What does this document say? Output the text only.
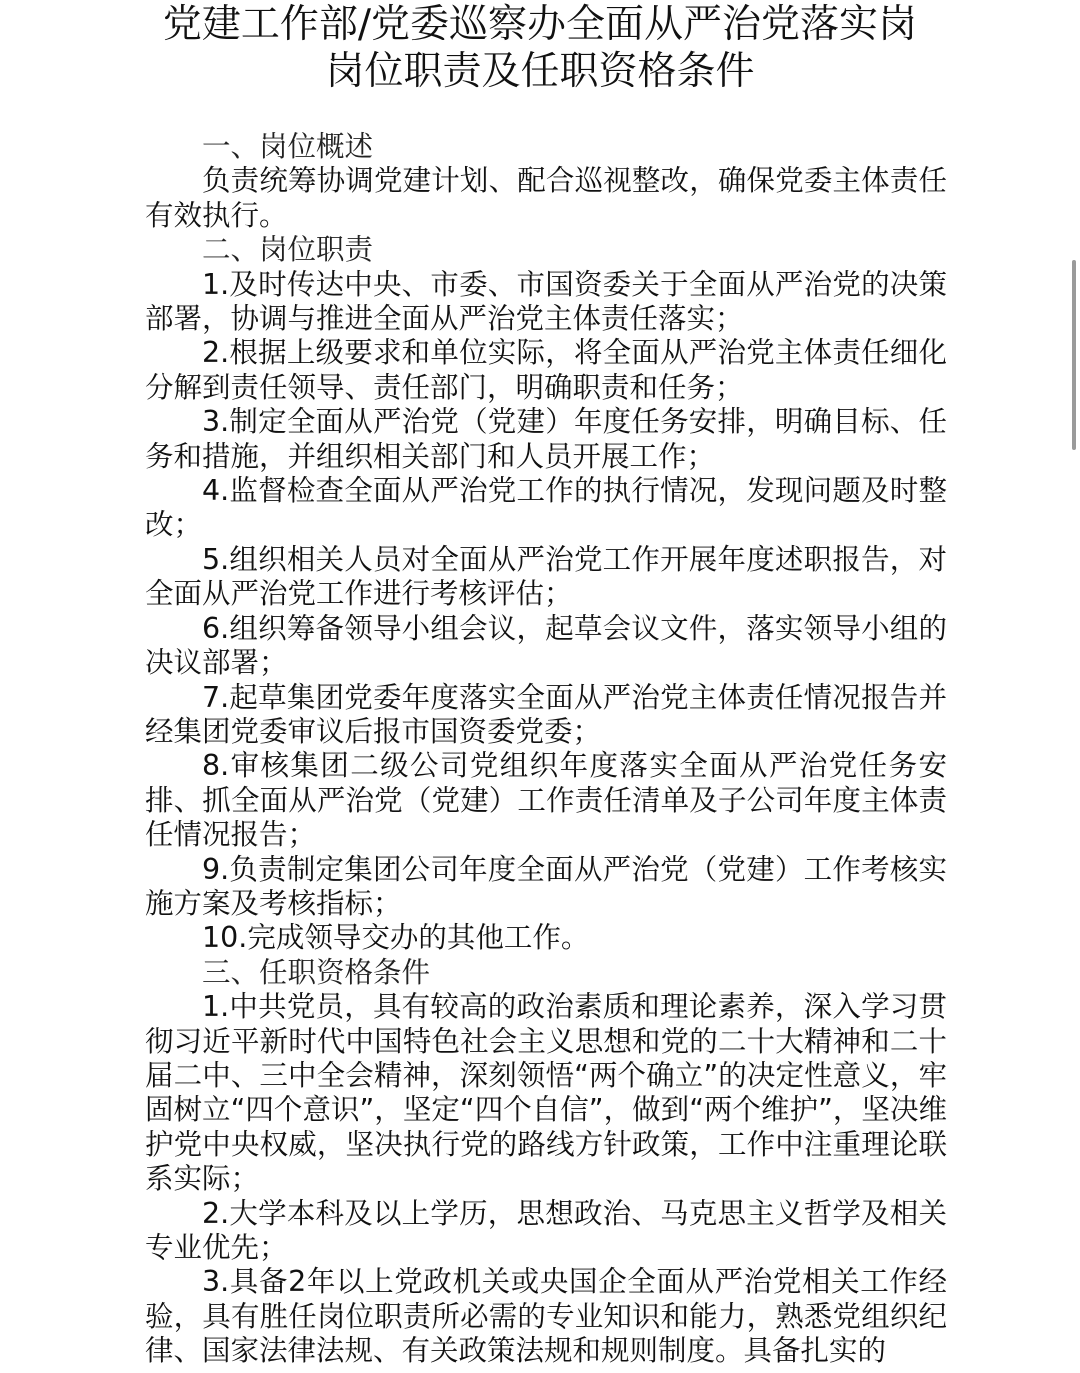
党建工作部/党委巡察办全面从严治党落实岗
岗位职责及任职资格条件

一、岗位概述

负责统筹协调党建计划、配合巡视整改，确保党委主体责任有效执行。

二、岗位职责

1.及时传达中央、市委、市国资委关于全面从严治党的决策部署，协调与推进全面从严治党主体责任落实；

2.根据上级要求和单位实际，将全面从严治党主体责任细化分解到责任领导、责任部门，明确职责和任务；

3.制定全面从严治党（党建）年度任务安排，明确目标、任务和措施，并组织相关部门和人员开展工作；

4.监督检查全面从严治党工作的执行情况，发现问题及时整改；

5.组织相关人员对全面从严治党工作开展年度述职报告，对全面从严治党工作进行考核评估；

6.组织筹备领导小组会议，起草会议文件，落实领导小组的决议部署；

7.起草集团党委年度落实全面从严治党主体责任情况报告并经集团党委审议后报市国资委党委；

8.审核集团二级公司党组织年度落实全面从严治党任务安排、抓全面从严治党（党建）工作责任清单及子公司年度主体责任情况报告；

9.负责制定集团公司年度全面从严治党（党建）工作考核实施方案及考核指标；

10.完成领导交办的其他工作。

三、任职资格条件

1.中共党员，具有较高的政治素质和理论素养，深入学习贯彻习近平新时代中国特色社会主义思想和党的二十大精神和二十届二中、三中全会精神，深刻领悟“两个确立”的决定性意义，牢固树立“四个意识”，坚定“四个自信”，做到“两个维护”，坚决维护党中央权威，坚决执行党的路线方针政策，工作中注重理论联系实际；

2.大学本科及以上学历，思想政治、马克思主义哲学及相关专业优先；

3.具备2年以上党政机关或央国企全面从严治党相关工作经验，具有胜任岗位职责所必需的专业知识和能力，熟悉党组织纪律、国家法律法规、有关政策法规和规则制度。具备扎实的
